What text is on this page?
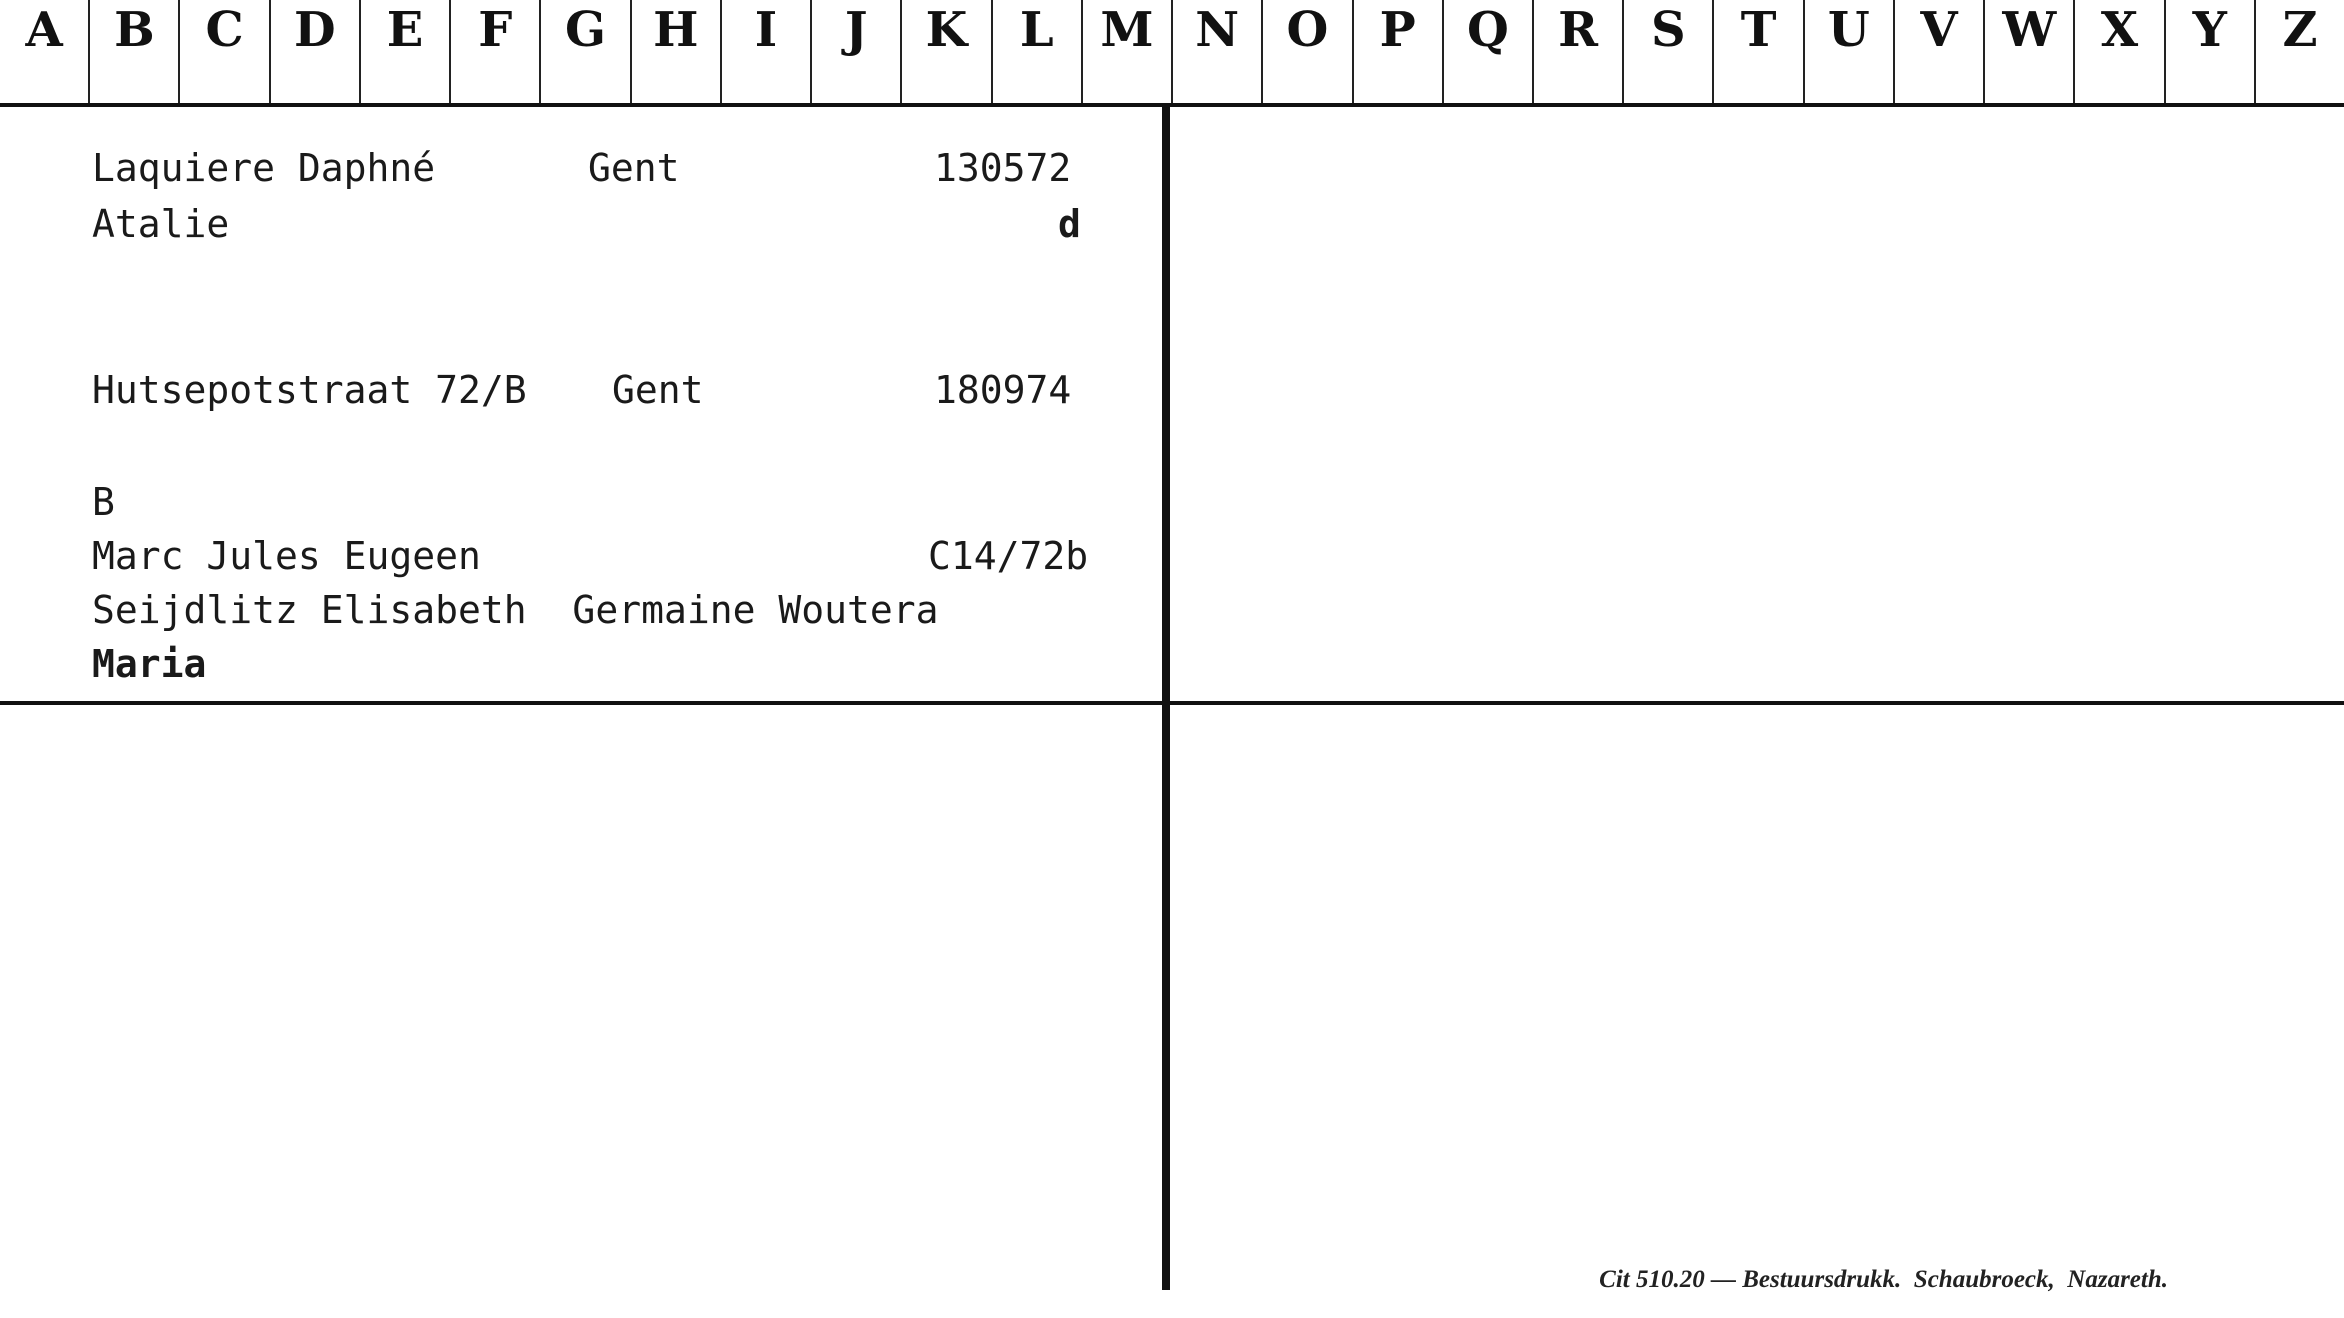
A	B	C	D	E	F	G H	I	J	K	L M N O	P	Q	R	S	T	U	V W X	Y	Z
Laquiere Daphné	Gent	130572
Atalie	d
Hutsepotstraat 72/B Gent	180974
B
Marc Jules Eugeen	C14/72b
Seijdlitz Elisabeth  Germaine Woutera
Maria
Cit 510.20 — Bestuursdrukk.  Schaubroeck,  Nazareth.
